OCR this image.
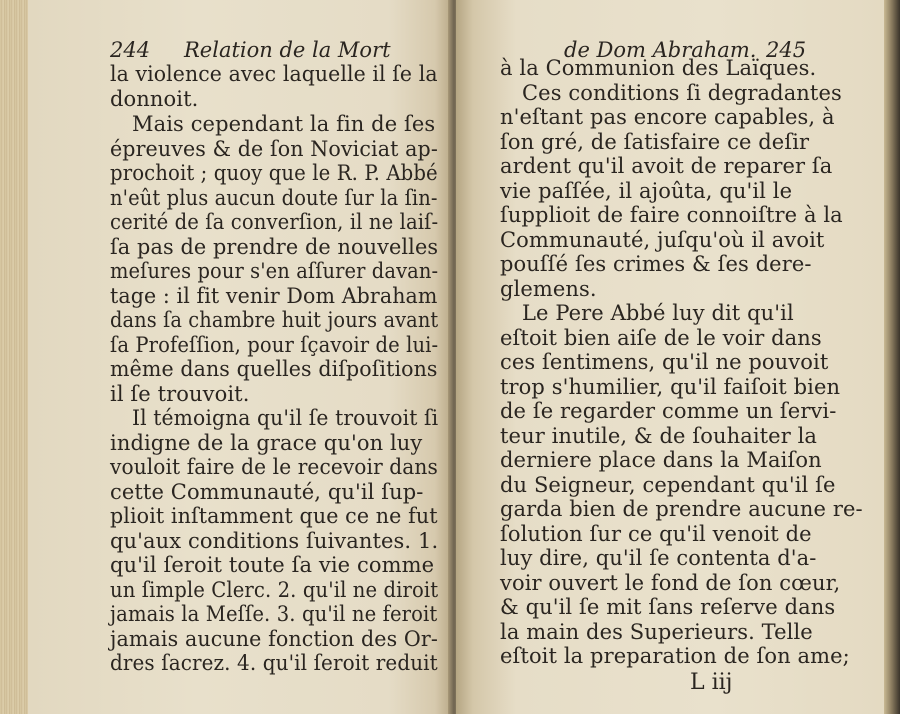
244 Relation de la Mort
la violence avec laquelle il ſe la
donnoit.
Mais cependant la fin de ſes
épreuves & de ſon Noviciat ap-
prochoit ; quoy que le R. P. Abbé
n'eût plus aucun doute ſur la ſin-
cerité de ſa converſion, il ne laiſ-
ſa pas de prendre de nouvelles
meſures pour s'en aſſurer davan-
tage : il fit venir Dom Abraham
dans ſa chambre huit jours avant
ſa Profeſſion, pour ſçavoir de lui-
même dans quelles diſpoſitions
il ſe trouvoit.
Il témoigna qu'il ſe trouvoit ſi
indigne de la grace qu'on luy
vouloit faire de le recevoir dans
cette Communauté, qu'il ſup-
plioit inſtamment que ce ne fut
qu'aux conditions ſuivantes. 1.
qu'il ſeroit toute ſa vie comme
un ſimple Clerc. 2. qu'il ne diroit
jamais la Meſſe. 3. qu'il ne feroit
jamais aucune fonction des Or-
dres ſacrez. 4. qu'il ſeroit reduit
de Dom Abraham. 245
à la Communion des Laïques.
Ces conditions ſi degradantes
n'eſtant pas encore capables, à
ſon gré, de ſatisfaire ce deſir
ardent qu'il avoit de reparer ſa
vie paſſée, il ajoûta, qu'il le
ſupplioit de faire connoiſtre à la
Communauté, juſqu'où il avoit
pouſſé ſes crimes & ſes dere-
glemens.
Le Pere Abbé luy dit qu'il
eſtoit bien aiſe de le voir dans
ces ſentimens, qu'il ne pouvoit
trop s'humilier, qu'il faiſoit bien
de ſe regarder comme un ſervi-
teur inutile, & de ſouhaiter la
derniere place dans la Maiſon
du Seigneur, cependant qu'il ſe
garda bien de prendre aucune re-
ſolution ſur ce qu'il venoit de
luy dire, qu'il ſe contenta d'a-
voir ouvert le fond de ſon cœur,
& qu'il ſe mit ſans reſerve dans
la main des Superieurs. Telle
eſtoit la preparation de ſon ame;
L iij
